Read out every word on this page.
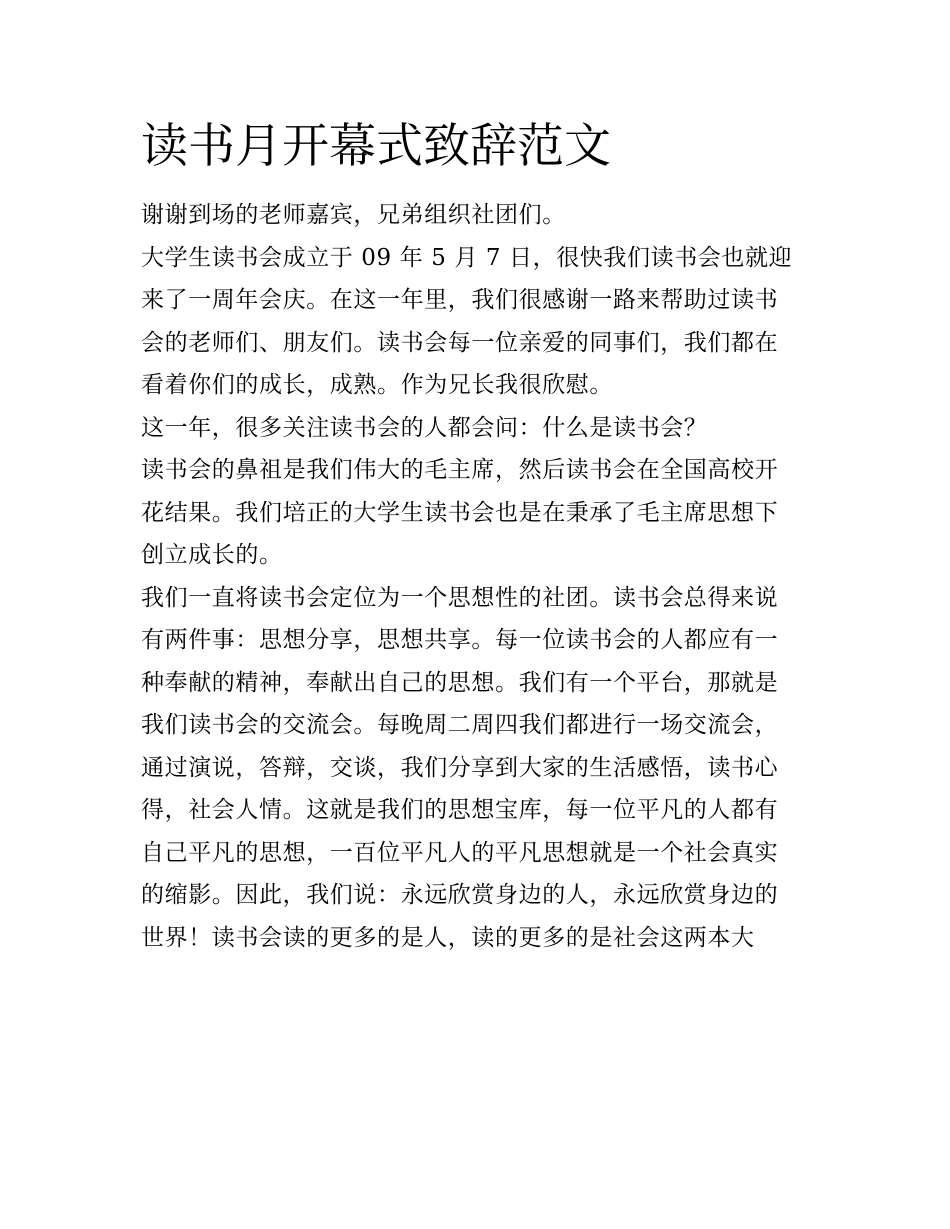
读书月开幕式致辞范文
谢谢到场的老师嘉宾，兄弟组织社团们。
大学生读书会成立于 09 年 5 月 7 日，很快我们读书会也就迎
来了一周年会庆。在这一年里，我们很感谢一路来帮助过读书
会的老师们、朋友们。读书会每一位亲爱的同事们，我们都在
看着你们的成长，成熟。作为兄长我很欣慰。
这一年，很多关注读书会的人都会问：什么是读书会？
读书会的鼻祖是我们伟大的毛主席，然后读书会在全国高校开
花结果。我们培正的大学生读书会也是在秉承了毛主席思想下
创立成长的。
我们一直将读书会定位为一个思想性的社团。读书会总得来说
有两件事：思想分享，思想共享。每一位读书会的人都应有一
种奉献的精神，奉献出自己的思想。我们有一个平台，那就是
我们读书会的交流会。每晚周二周四我们都进行一场交流会，
通过演说，答辩，交谈，我们分享到大家的生活感悟，读书心
得，社会人情。这就是我们的思想宝库，每一位平凡的人都有
自己平凡的思想，一百位平凡人的平凡思想就是一个社会真实
的缩影。因此，我们说：永远欣赏身边的人，永远欣赏身边的
世界！读书会读的更多的是人，读的更多的是社会这两本大
